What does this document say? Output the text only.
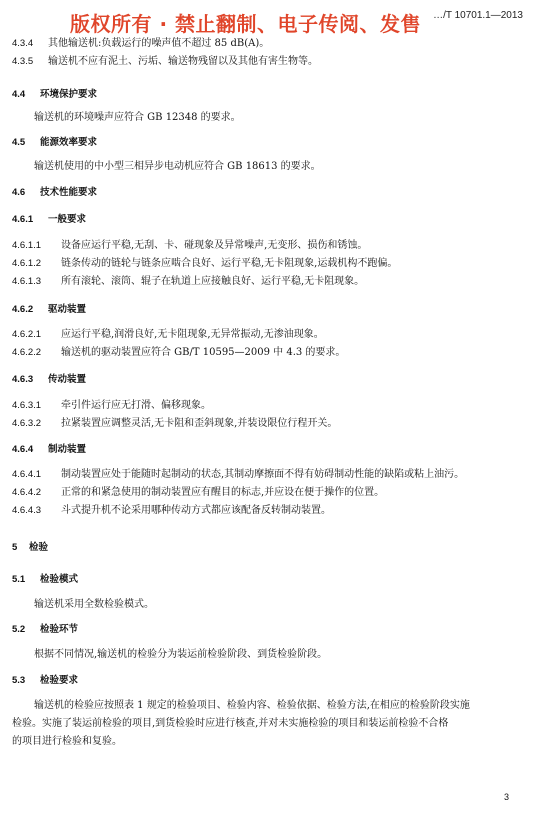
版权所有 · 禁止翻制、电子传阅、发售 …/T 10701.1—2013
4.3.4 其他输送机:负载运行的噪声值不超过 85 dB(A)。
4.3.5 输送机不应有泥土、污垢、输送物残留以及其他有害生物等。
4.4 环境保护要求
输送机的环境噪声应符合 GB 12348 的要求。
4.5 能源效率要求
输送机使用的中小型三相异步电动机应符合 GB 18613 的要求。
4.6 技术性能要求
4.6.1 一般要求
4.6.1.1 设备应运行平稳,无刮、卡、碰现象及异常噪声,无变形、损伤和锈蚀。
4.6.1.2 链条传动的链轮与链条应啮合良好、运行平稳,无卡阻现象,运载机构不跑偏。
4.6.1.3 所有滚轮、滚筒、辊子在轨道上应接触良好、运行平稳,无卡阻现象。
4.6.2 驱动装置
4.6.2.1 应运行平稳,润滑良好,无卡阻现象,无异常振动,无渗油现象。
4.6.2.2 输送机的驱动装置应符合 GB/T 10595—2009 中 4.3 的要求。
4.6.3 传动装置
4.6.3.1 牵引件运行应无打滑、偏移现象。
4.6.3.2 拉紧装置应调整灵活,无卡阻和歪斜现象,并装设限位行程开关。
4.6.4 制动装置
4.6.4.1 制动装置应处于能随时起制动的状态,其制动摩擦面不得有妨碍制动性能的缺陷或粘上油污。
4.6.4.2 正常的和紧急使用的制动装置应有醒目的标志,并应设在便于操作的位置。
4.6.4.3 斗式提升机不论采用哪种传动方式都应该配备反转制动装置。
5 检验
5.1 检验模式
输送机采用全数检验模式。
5.2 检验环节
根据不同情况,输送机的检验分为装运前检验阶段、到货检验阶段。
5.3 检验要求
输送机的检验应按照表 1 规定的检验项目、检验内容、检验依据、检验方法,在相应的检验阶段实施
检验。实施了装运前检验的项目,到货检验时应进行核查,并对未实施检验的项目和装运前检验不合格
的项目进行检验和复验。
3
